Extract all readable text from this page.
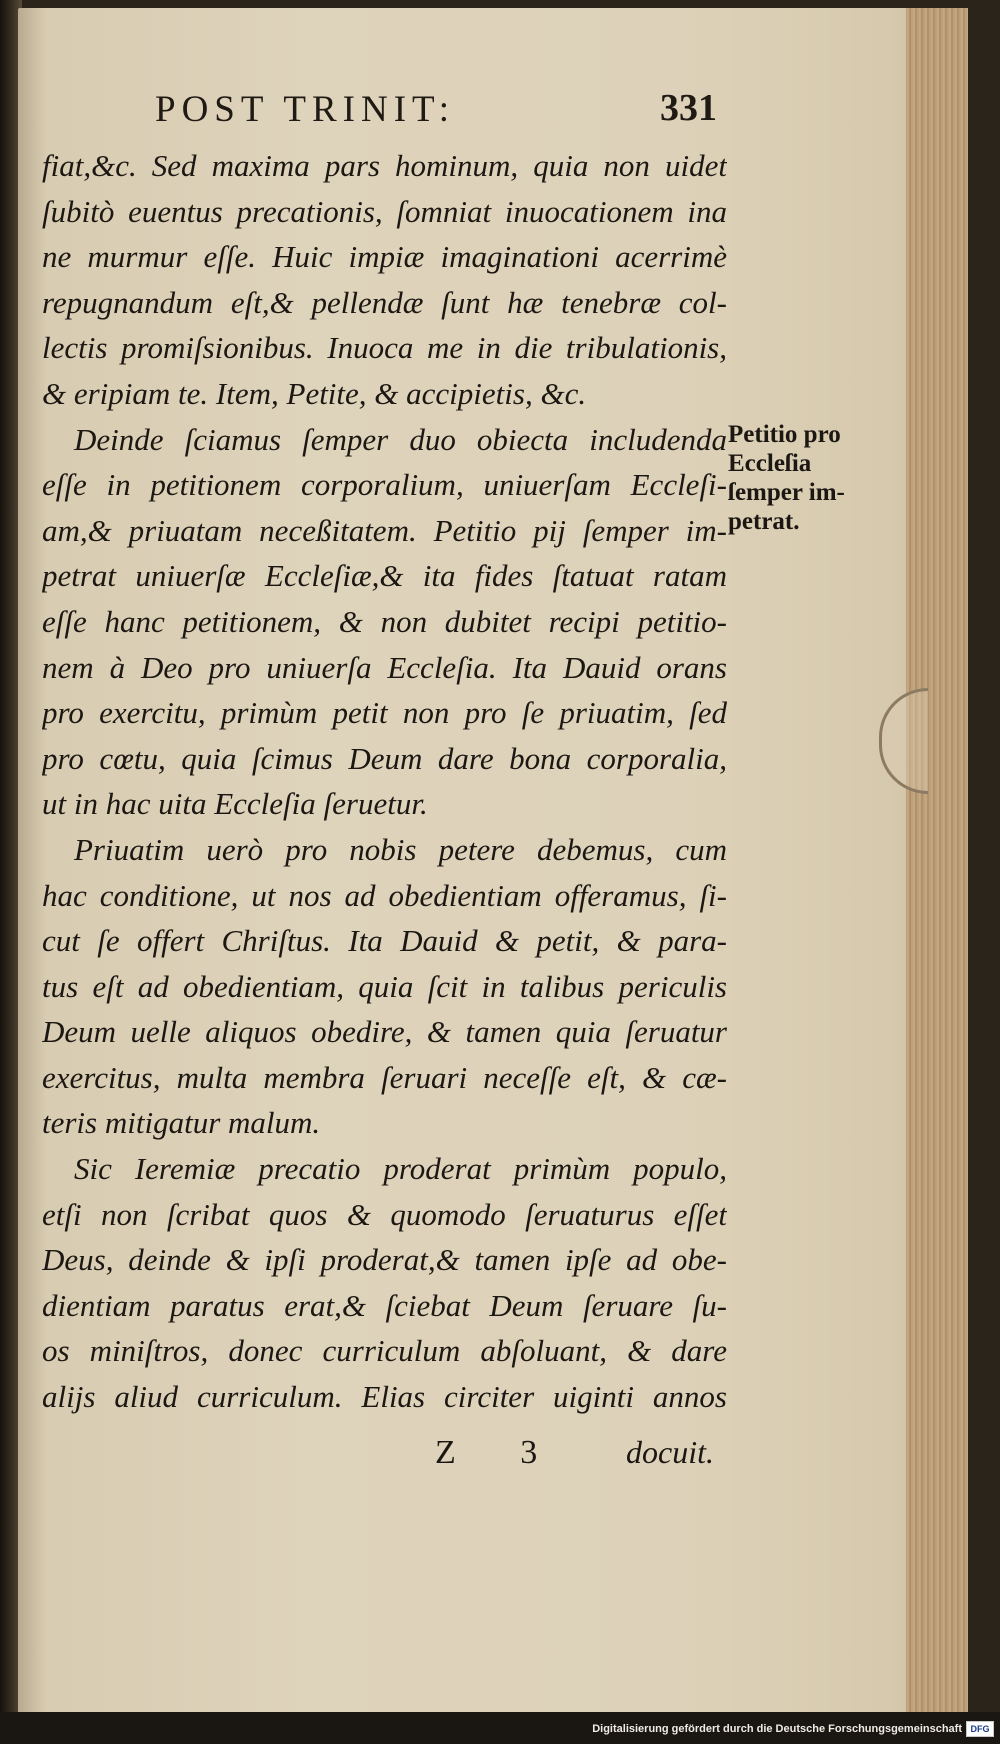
POST TRINIT:	331
fiat,&c. Sed maxima pars hominum, quia non uidet
ſubitò euentus precationis, ſomniat inuocationem ina
ne murmur eſſe. Huic impiæ imaginationi acerrimè
repugnandum eſt,& pellendæ ſunt hæ tenebræ col-
lectis promiſsionibus. Inuoca me in die tribulationis,
& eripiam te. Item, Petite, & accipietis, &c.
Deinde ſciamus ſemper duo obiecta includenda
eſſe in petitionem corporalium, uniuerſam Eccleſi-
am,& priuatam neceßitatem. Petitio pij ſemper im-
petrat uniuerſæ Eccleſiæ,& ita fides ſtatuat ratam
eſſe hanc petitionem, & non dubitet recipi petitio-
nem à Deo pro uniuerſa Eccleſia. Ita Dauid orans
pro exercitu, primùm petit non pro ſe priuatim, ſed
pro cœtu, quia ſcimus Deum dare bona corporalia,
ut in hac uita Eccleſia ſeruetur.
Priuatim uerò pro nobis petere debemus, cum
hac conditione, ut nos ad obedientiam offeramus, ſi-
cut ſe offert Chriſtus. Ita Dauid & petit, & para-
tus eſt ad obedientiam, quia ſcit in talibus periculis
Deum uelle aliquos obedire, & tamen quia ſeruatur
exercitus, multa membra ſeruari neceſſe eſt, & cæ-
teris mitigatur malum.
Sic Ieremiæ precatio proderat primùm populo,
etſi non ſcribat quos & quomodo ſeruaturus eſſet
Deus, deinde & ipſi proderat,& tamen ipſe ad obe-
dientiam paratus erat,& ſciebat Deum ſeruare ſu-
os miniſtros, donec curriculum abſoluant, & dare
alijs aliud curriculum. Elias circiter uiginti annos
Petitio pro
Eccleſia
ſemper im-
petrat.
Z 3 docuit.
Digitalisierung gefördert durch die Deutsche Forschungsgemeinschaft DFG
